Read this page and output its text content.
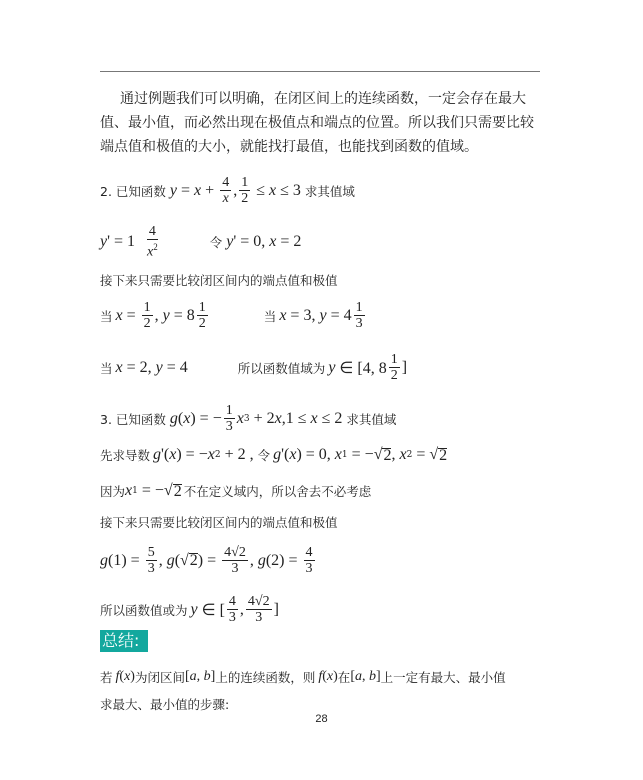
通过例题我们可以明确，在闭区间上的连续函数，一定会存在最大值、最小值，而必然出现在极值点和端点的位置。所以我们只需要比较端点值和极值的大小，就能找打最值，也能找到函数的值域。

2. 已知函数 $y = x + \frac{4}{x}$ , $\frac{1}{2} \le x \le 3$ 求其值域
y ' = $1 \frac{4}{x^2}$	令 y ' = 0, x = 2
接下来只需要比较闭区间内的端点值和极值
当 $x = \frac{1}{2}$ , $y = 8 \frac{1}{2}$	当 x = 3, $y = 4 \frac{1}{3}$
当 x = 2, y = 4	所以函数值域为 y ∈ [4, $8 \frac{1}{2}$ ]
3. 已知函数 g ( x ) = − $\frac{1}{3}$ x 3 + 2 x ,1 ≤ x ≤ 2 求其值域
先求导数 g '( x ) = − x 2 + 2 , 令 g '( x ) = 0, x 1 = − √ 2 , x 2 = √ 2
因为 x 1 = − √ 2 不在定义域内，所以舍去不必考虑
接下来只需要比较闭区间内的端点值和极值
g $(1) = \frac{5}{3}$ , g ( √ 2 ) = $\frac{4√2}{3}$ , g $(2) = \frac{4}{3}$
所以函数值或为 y ∈ [ $\frac{4}{3}$ , $\frac{4√2}{3}$ ]
总结:
若 f ( x ) 为闭区间 [ a , b ] 上的连续函数，则 f ( x ) 在 [ a , b ] 上一定有最大、最小值
求最大、最小值的步骤:
28
